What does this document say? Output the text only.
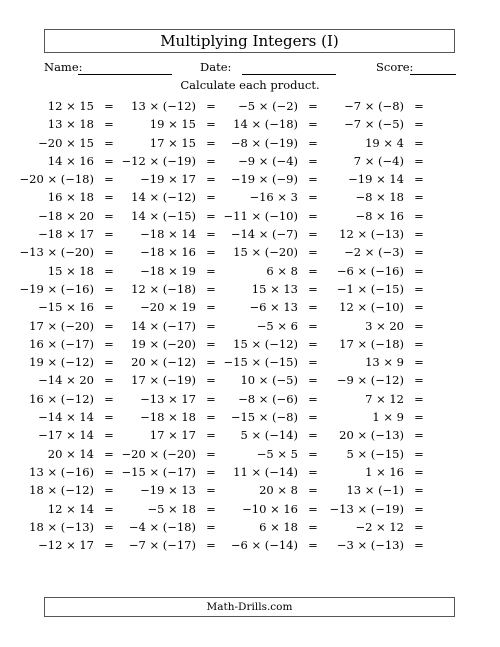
Multiplying Integers (I)
Name:	Date:	Score:
Calculate each product.
12 × 15 = 13 × (−12) = −5 × (−2) = −7 × (−8) =
13 × 18 =	19 × 15 = 14 × (−18) = −7 × (−5) =
−20 × 15 =	17 × 15 = −8 × (−19) =	19 × 4 =
14 × 16 = −12 × (−19) = −9 × (−4) =	7 × (−4) =
−20 × (−18) = −19 × 17 = −19 × (−9) =	−19 × 14 =
16 × 18 = 14 × (−12) =	−16 × 3 =	−8 × 18 =
−18 × 20 = 14 × (−15) = −11 × (−10) =	−8 × 16 =
−18 × 17 = −18 × 14 = −14 × (−7) = 12 × (−13) =
−13 × (−20) = −18 × 16 = 15 × (−20) = −2 × (−3) =
15 × 18 = −18 × 19 =	6 × 8 = −6 × (−16) =
−19 × (−16) = 12 × (−18) =	15 × 13 = −1 × (−15) =
−15 × 16 = −20 × 19 =	−6 × 13 = 12 × (−10) =
17 × (−20) = 14 × (−17) =	−5 × 6 =	3 × 20 =
16 × (−17) = 19 × (−20) = 15 × (−12) = 17 × (−18) =
19 × (−12) = 20 × (−12) = −15 × (−15) =	13 × 9 =
−14 × 20 = 17 × (−19) = 10 × (−5) = −9 × (−12) =
16 × (−12) = −13 × 17 = −8 × (−6) =	7 × 12 =
−14 × 14 = −18 × 18 = −15 × (−8) =	1 × 9 =
−17 × 14 =	17 × 17 = 5 × (−14) = 20 × (−13) =
20 × 14 = −20 × (−20) =	−5 × 5 = 5 × (−15) =
13 × (−16) = −15 × (−17) = 11 × (−14) =	1 × 16 =
18 × (−12) = −19 × 13 =	20 × 8 = 13 × (−1) =
12 × 14 =	−5 × 18 = −10 × 16 = −13 × (−19) =
18 × (−13) = −4 × (−18) =	6 × 18 =	−2 × 12 =
−12 × 17 = −7 × (−17) = −6 × (−14) = −3 × (−13) =
Math-Drills.com
